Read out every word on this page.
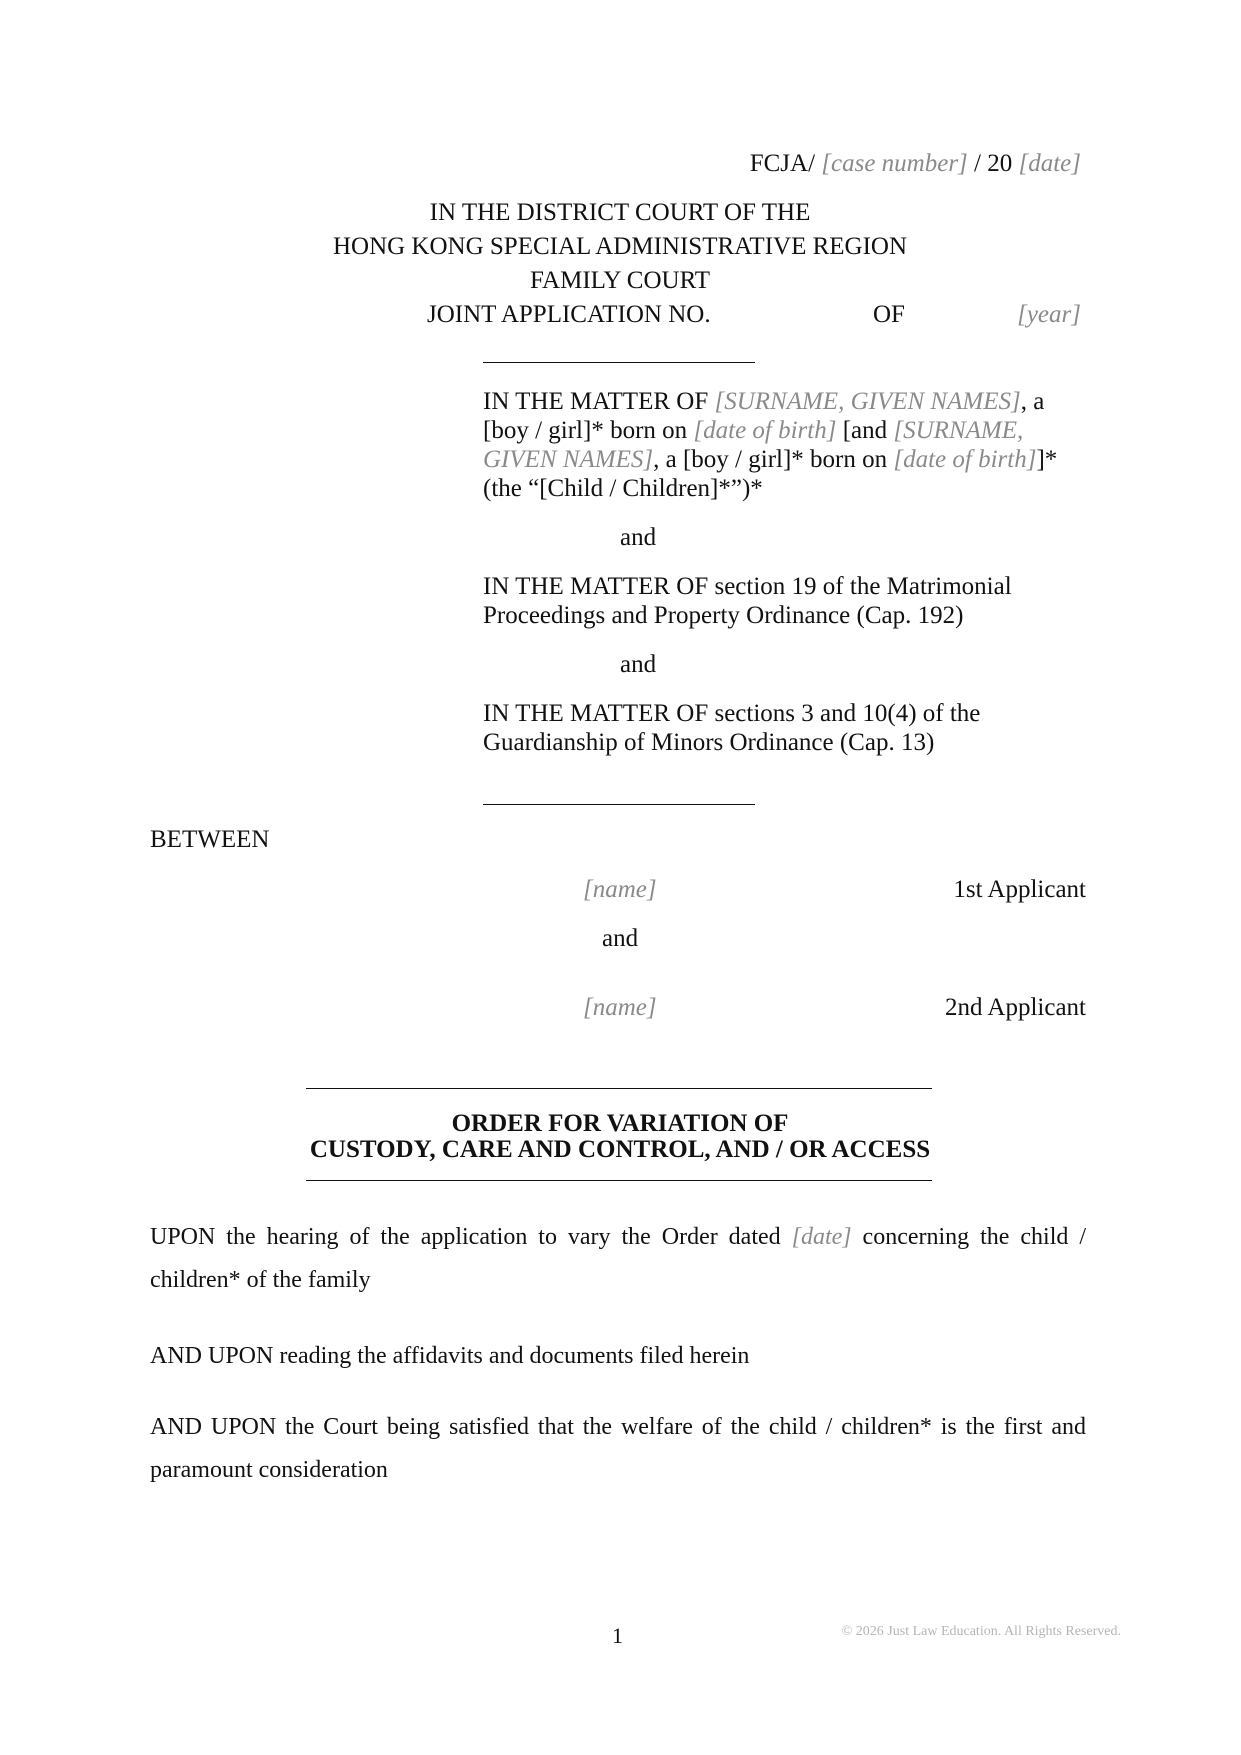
FCJA/ [case number] / 20 [date]
IN THE DISTRICT COURT OF THE
HONG KONG SPECIAL ADMINISTRATIVE REGION
FAMILY COURT
JOINT APPLICATION NO.	OF	[year]
IN THE MATTER OF [SURNAME, GIVEN NAMES], a [boy / girl]* born on [date of birth] [and [SURNAME, GIVEN NAMES], a [boy / girl]* born on [date of birth]]* (the “[Child / Children]*”)*
and
IN THE MATTER OF section 19 of the Matrimonial Proceedings and Property Ordinance (Cap. 192)
and
IN THE MATTER OF sections 3 and 10(4) of the Guardianship of Minors Ordinance (Cap. 13)
BETWEEN
[name]	1st Applicant
and
[name]	2nd Applicant
ORDER FOR VARIATION OF
CUSTODY, CARE AND CONTROL, AND / OR ACCESS
UPON the hearing of the application to vary the Order dated [date] concerning the child / children* of the family
AND UPON reading the affidavits and documents filed herein
AND UPON the Court being satisfied that the welfare of the child / children* is the first and paramount consideration
1	© 2026 Just Law Education. All Rights Reserved.
